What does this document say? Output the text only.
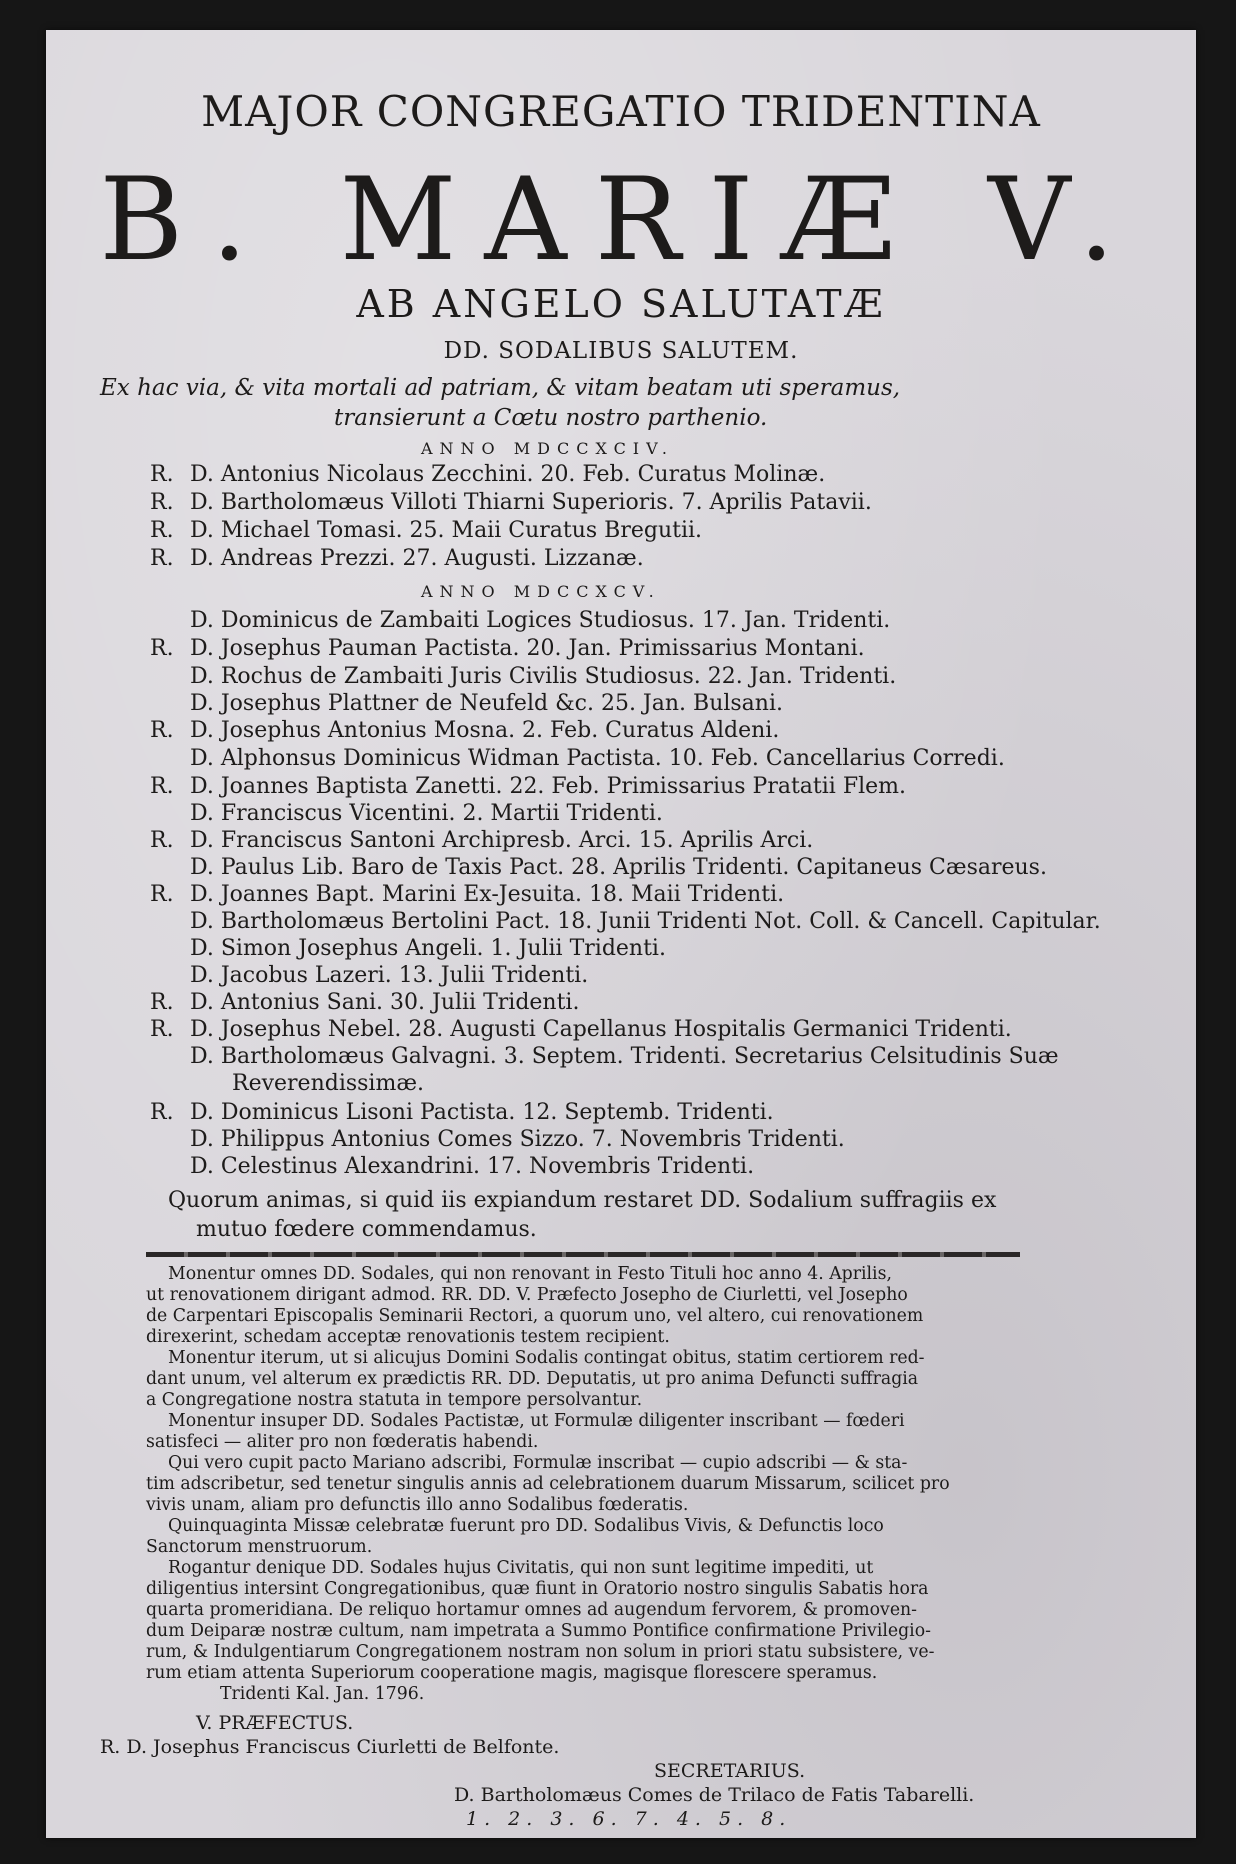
MAJOR CONGREGATIO TRIDENTINA
B. MARIÆ V.
AB ANGELO SALUTATÆ
DD. SODALIBUS SALUTEM.
Ex hac via, & vita mortali ad patriam, & vitam beatam uti speramus,
transierunt a Cœtu nostro parthenio.
ANNO MDCCXCIV.
R. D. Antonius Nicolaus Zecchini. 20. Feb. Curatus Molinæ.
R. D. Bartholomæus Villoti Thiarni Superioris. 7. Aprilis Patavii.
R. D. Michael Tomasi. 25. Maii Curatus Bregutii.
R. D. Andreas Prezzi. 27. Augusti. Lizzanæ.
ANNO MDCCXCV.
D. Dominicus de Zambaiti Logices Studiosus. 17. Jan. Tridenti.
R. D. Josephus Pauman Pactista. 20. Jan. Primissarius Montani.
D. Rochus de Zambaiti Juris Civilis Studiosus. 22. Jan. Tridenti.
D. Josephus Plattner de Neufeld &c. 25. Jan. Bulsani.
R. D. Josephus Antonius Mosna. 2. Feb. Curatus Aldeni.
D. Alphonsus Dominicus Widman Pactista. 10. Feb. Cancellarius Corredi.
R. D. Joannes Baptista Zanetti. 22. Feb. Primissarius Pratatii Flem.
D. Franciscus Vicentini. 2. Martii Tridenti.
R. D. Franciscus Santoni Archipresb. Arci. 15. Aprilis Arci.
D. Paulus Lib. Baro de Taxis Pact. 28. Aprilis Tridenti. Capitaneus Cæsareus.
R. D. Joannes Bapt. Marini Ex-Jesuita. 18. Maii Tridenti.
D. Bartholomæus Bertolini Pact. 18. Junii Tridenti Not. Coll. & Cancell. Capitular.
D. Simon Josephus Angeli. 1. Julii Tridenti.
D. Jacobus Lazeri. 13. Julii Tridenti.
R. D. Antonius Sani. 30. Julii Tridenti.
R. D. Josephus Nebel. 28. Augusti Capellanus Hospitalis Germanici Tridenti.
D. Bartholomæus Galvagni. 3. Septem. Tridenti. Secretarius Celsitudinis Suæ
Reverendissimæ.
R. D. Dominicus Lisoni Pactista. 12. Septemb. Tridenti.
D. Philippus Antonius Comes Sizzo. 7. Novembris Tridenti.
D. Celestinus Alexandrini. 17. Novembris Tridenti.
Quorum animas, si quid iis expiandum restaret DD. Sodalium suffragiis ex
mutuo fœdere commendamus.
Monentur omnes DD. Sodales, qui non renovant in Festo Tituli hoc anno 4. Aprilis,
ut renovationem dirigant admod. RR. DD. V. Præfecto Josepho de Ciurletti, vel Josepho
de Carpentari Episcopalis Seminarii Rectori, a quorum uno, vel altero, cui renovationem
direxerint, schedam acceptæ renovationis testem recipient.
Monentur iterum, ut si alicujus Domini Sodalis contingat obitus, statim certiorem red-
dant unum, vel alterum ex prædictis RR. DD. Deputatis, ut pro anima Defuncti suffragia
a Congregatione nostra statuta in tempore persolvantur.
Monentur insuper DD. Sodales Pactistæ, ut Formulæ diligenter inscribant — fœderi
satisfeci — aliter pro non fœderatis habendi.
Qui vero cupit pacto Mariano adscribi, Formulæ inscribat — cupio adscribi — & sta-
tim adscribetur, sed tenetur singulis annis ad celebrationem duarum Missarum, scilicet pro
vivis unam, aliam pro defunctis illo anno Sodalibus fœderatis.
Quinquaginta Missæ celebratæ fuerunt pro DD. Sodalibus Vivis, & Defunctis loco
Sanctorum menstruorum.
Rogantur denique DD. Sodales hujus Civitatis, qui non sunt legitime impediti, ut
diligentius intersint Congregationibus, quæ fiunt in Oratorio nostro singulis Sabatis hora
quarta promeridiana. De reliquo hortamur omnes ad augendum fervorem, & promoven-
dum Deiparæ nostræ cultum, nam impetrata a Summo Pontifice confirmatione Privilegio-
rum, & Indulgentiarum Congregationem nostram non solum in priori statu subsistere, ve-
rum etiam attenta Superiorum cooperatione magis, magisque florescere speramus.
Tridenti Kal. Jan. 1796.
V. PRÆFECTUS.
R. D. Josephus Franciscus Ciurletti de Belfonte.
SECRETARIUS.
D. Bartholomæus Comes de Trilaco de Fatis Tabarelli.
1. 2. 3. 6. 7. 4. 5. 8.
